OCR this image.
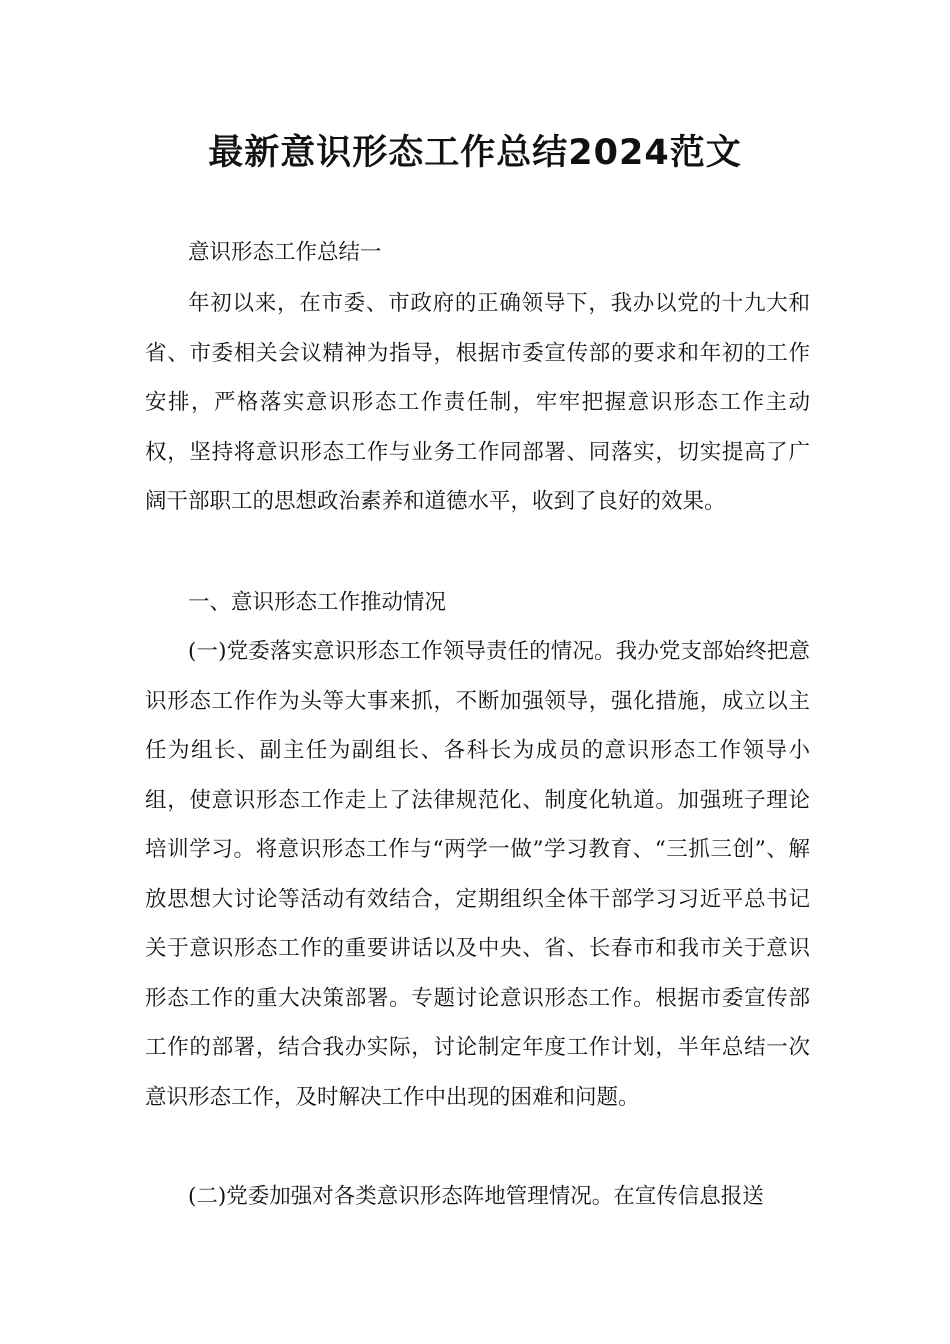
最新意识形态工作总结2024范文

意识形态工作总结一

年初以来，在市委、市政府的正确领导下，我办以党的十九大和省、市委相关会议精神为指导，根据市委宣传部的要求和年初的工作安排，严格落实意识形态工作责任制，牢牢把握意识形态工作主动权，坚持将意识形态工作与业务工作同部署、同落实，切实提高了广阔干部职工的思想政治素养和道德水平，收到了良好的效果。

一、意识形态工作推动情况

(一)党委落实意识形态工作领导责任的情况。我办党支部始终把意识形态工作作为头等大事来抓，不断加强领导，强化措施，成立以主任为组长、副主任为副组长、各科长为成员的意识形态工作领导小组，使意识形态工作走上了法律规范化、制度化轨道。加强班子理论培训学习。将意识形态工作与“两学一做”学习教育、“三抓三创”、解放思想大讨论等活动有效结合，定期组织全体干部学习习近平总书记关于意识形态工作的重要讲话以及中央、省、长春市和我市关于意识形态工作的重大决策部署。专题讨论意识形态工作。根据市委宣传部工作的部署，结合我办实际，讨论制定年度工作计划，半年总结一次意识形态工作，及时解决工作中出现的困难和问题。

(二)党委加强对各类意识形态阵地管理情况。在宣传信息报送
